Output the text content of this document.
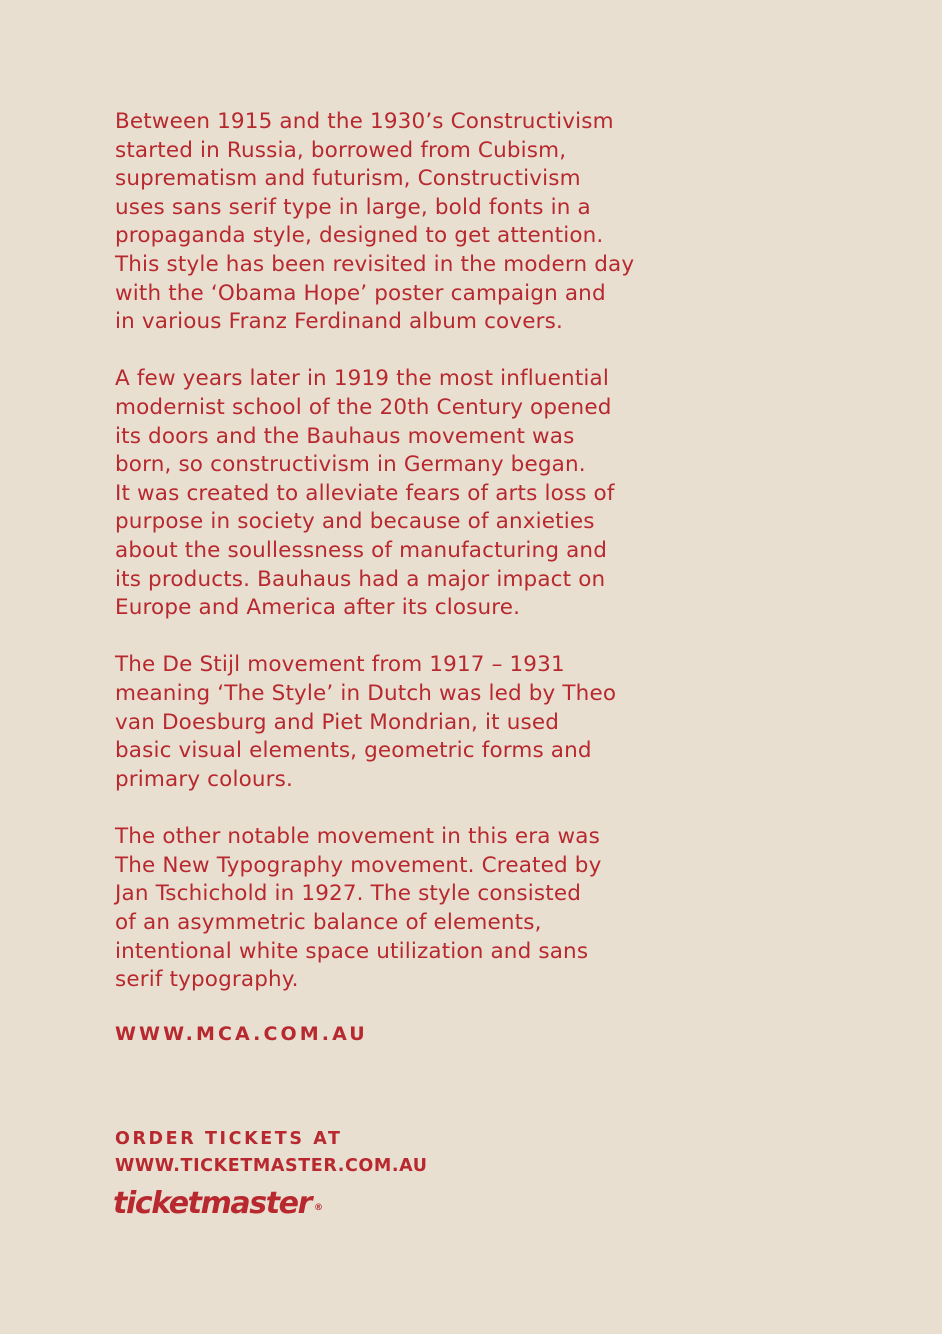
Between 1915 and the 1930’s Constructivism
started in Russia, borrowed from Cubism,
suprematism and futurism, Constructivism
uses sans serif type in large, bold fonts in a
propaganda style, designed to get attention.
This style has been revisited in the modern day
with the ‘Obama Hope’ poster campaign and
in various Franz Ferdinand album covers.

A few years later in 1919 the most influential
modernist school of the 20th Century opened
its doors and the Bauhaus movement was
born, so constructivism in Germany began.
It was created to alleviate fears of arts loss of
purpose in society and because of anxieties
about the soullessness of manufacturing and
its products. Bauhaus had a major impact on
Europe and America after its closure.

The De Stijl movement from 1917 – 1931
meaning ‘The Style’ in Dutch was led by Theo
van Doesburg and Piet Mondrian, it used
basic visual elements, geometric forms and
primary colours.

The other notable movement in this era was
The New Typography movement. Created by
Jan Tschichold in 1927. The style consisted
of an asymmetric balance of elements,
intentional white space utilization and sans
serif typography.

WWW.MCA.COM.AU
ORDER TICKETS AT
WWW.TICKETMASTER.COM.AU
ticketmaster ®
